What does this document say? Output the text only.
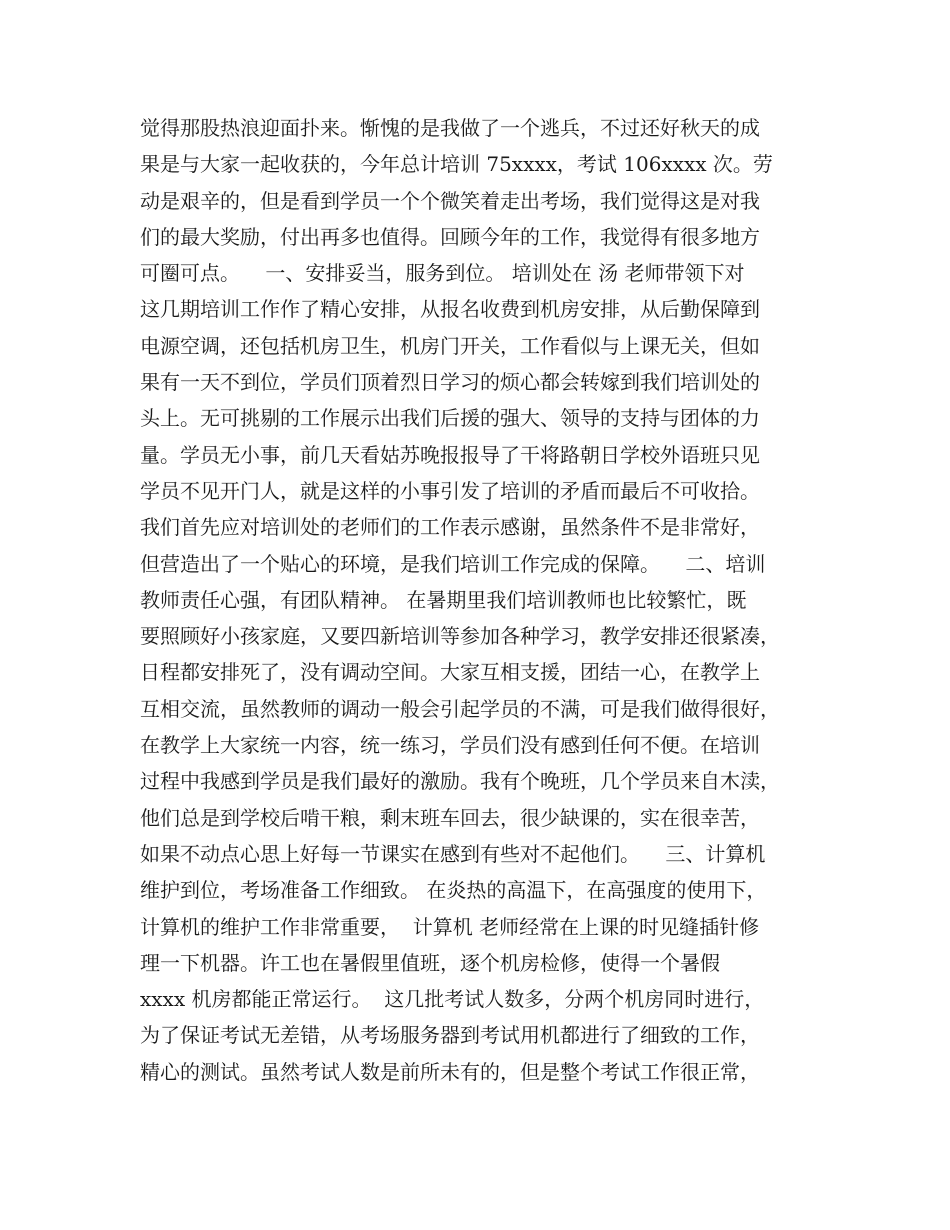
觉得那股热浪迎面扑来。惭愧的是我做了一个逃兵，不过还好秋天的成
果是与大家一起收获的，今年总计培训 75xxxx，考试 106xxxx 次。劳
动是艰辛的，但是看到学员一个个微笑着走出考场，我们觉得这是对我
们的最大奖励，付出再多也值得。回顾今年的工作，我觉得有很多地方
可圈可点。    一、安排妥当，服务到位。 培训处在 汤 老师带领下对
这几期培训工作作了精心安排，从报名收费到机房安排，从后勤保障到
电源空调，还包括机房卫生，机房门开关，工作看似与上课无关，但如
果有一天不到位，学员们顶着烈日学习的烦心都会转嫁到我们培训处的
头上。无可挑剔的工作展示出我们后援的强大、领导的支持与团体的力
量。学员无小事，前几天看姑苏晚报报导了干将路朝日学校外语班只见
学员不见开门人，就是这样的小事引发了培训的矛盾而最后不可收拾。
我们首先应对培训处的老师们的工作表示感谢，虽然条件不是非常好，
但营造出了一个贴心的环境，是我们培训工作完成的保障。    二、培训
教师责任心强，有团队精神。 在暑期里我们培训教师也比较繁忙，既
要照顾好小孩家庭，又要四新培训等参加各种学习，教学安排还很紧凑，
日程都安排死了，没有调动空间。大家互相支援，团结一心，在教学上
互相交流，虽然教师的调动一般会引起学员的不满，可是我们做得很好，
在教学上大家统一内容，统一练习，学员们没有感到任何不便。在培训
过程中我感到学员是我们最好的激励。我有个晚班，几个学员来自木渎，
他们总是到学校后啃干粮，剩末班车回去，很少缺课的，实在很幸苦，
如果不动点心思上好每一节课实在感到有些对不起他们。    三、计算机
维护到位，考场准备工作细致。 在炎热的高温下，在高强度的使用下，
计算机的维护工作非常重要，  计算机 老师经常在上课的时见缝插针修
理一下机器。许工也在暑假里值班，逐个机房检修，使得一个暑假
xxxx 机房都能正常运行。  这几批考试人数多，分两个机房同时进行，
为了保证考试无差错，从考场服务器到考试用机都进行了细致的工作，
精心的测试。虽然考试人数是前所未有的，但是整个考试工作很正常，
